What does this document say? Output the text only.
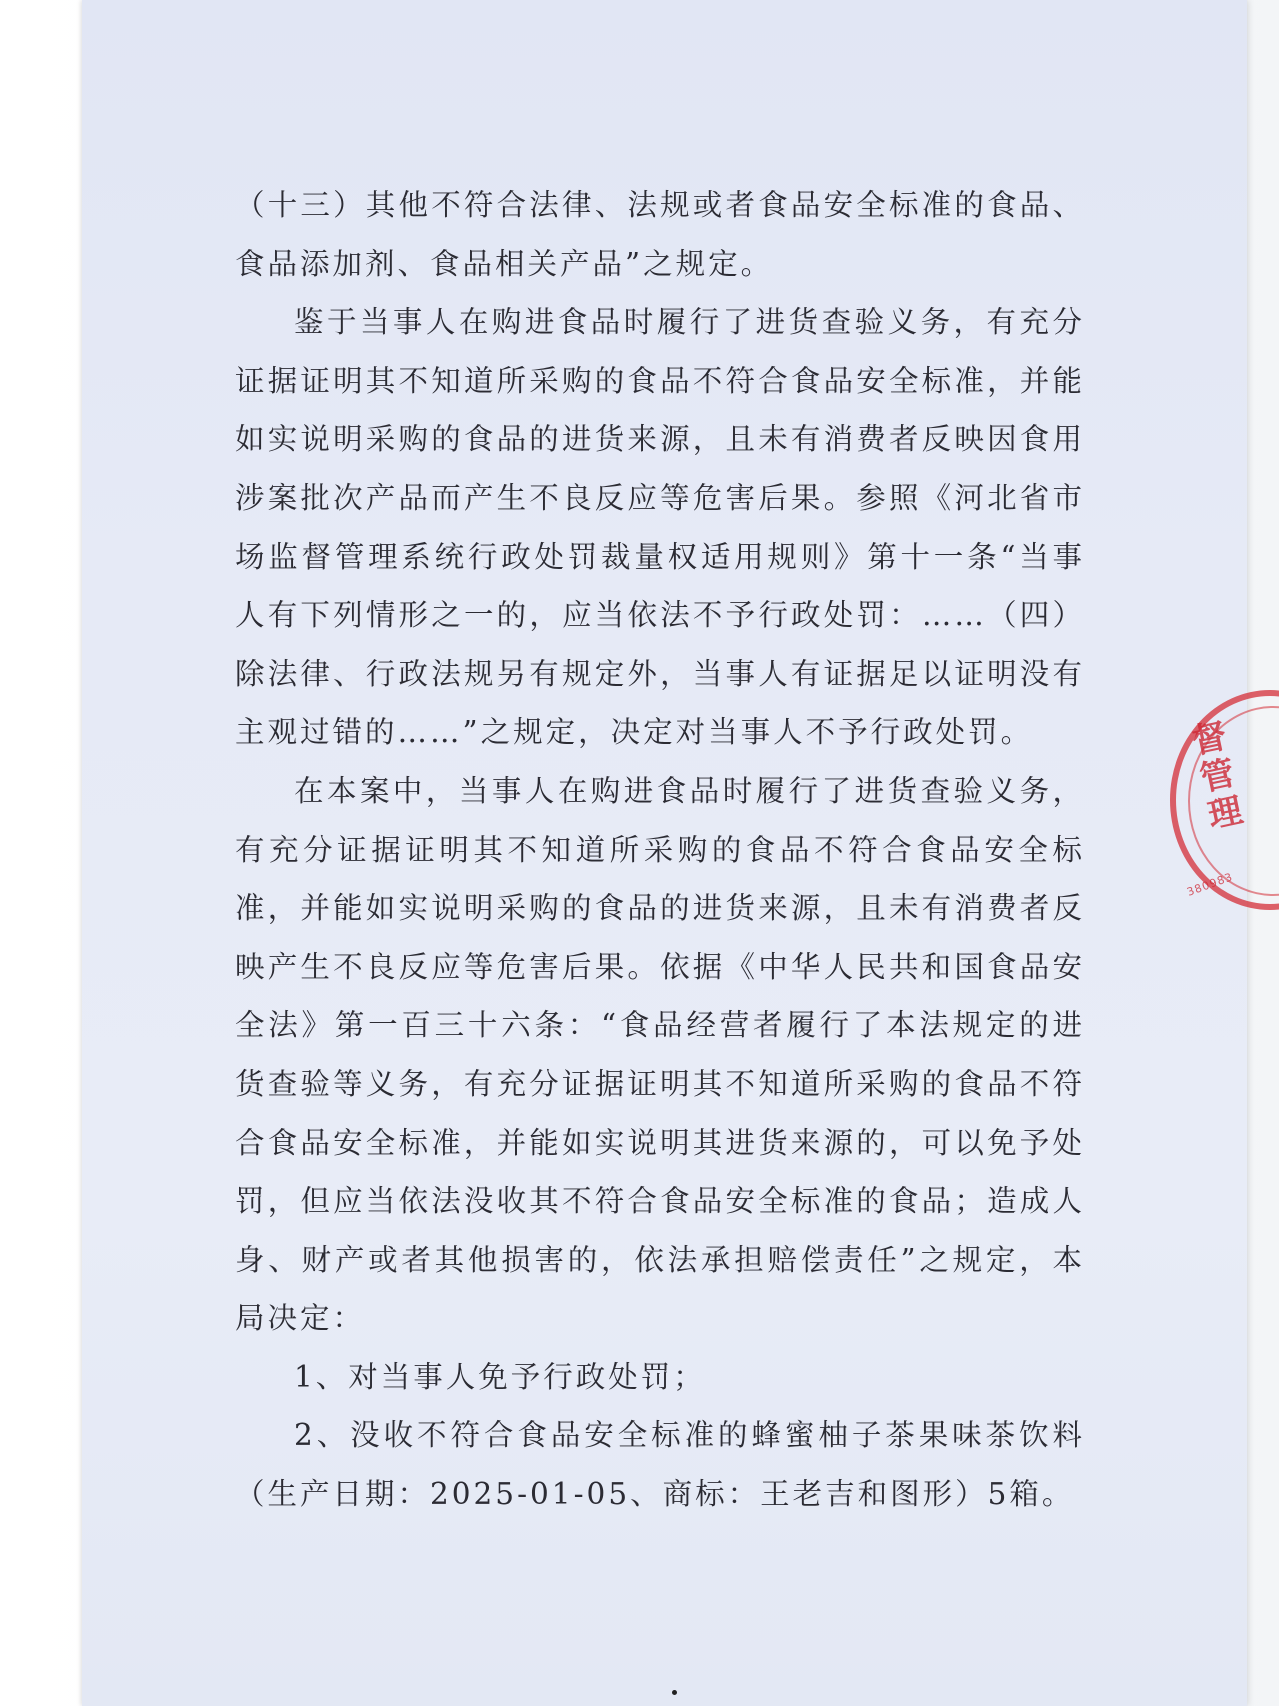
（十三）其他不符合法律、法规或者食品安全标准的食品、食品添加剂、食品相关产品”之规定。

鉴于当事人在购进食品时履行了进货查验义务，有充分证据证明其不知道所采购的食品不符合食品安全标准，并能如实说明采购的食品的进货来源，且未有消费者反映因食用涉案批次产品而产生不良反应等危害后果。参照《河北省市场监督管理系统行政处罚裁量权适用规则》第十一条“当事人有下列情形之一的，应当依法不予行政处罚：……（四）除法律、行政法规另有规定外，当事人有证据足以证明没有主观过错的……”之规定，决定对当事人不予行政处罚。

在本案中，当事人在购进食品时履行了进货查验义务，有充分证据证明其不知道所采购的食品不符合食品安全标准，并能如实说明采购的食品的进货来源，且未有消费者反映产生不良反应等危害后果。依据《中华人民共和国食品安全法》第一百三十六条：“食品经营者履行了本法规定的进货查验等义务，有充分证据证明其不知道所采购的食品不符合食品安全标准，并能如实说明其进货来源的，可以免予处罚，但应当依法没收其不符合食品安全标准的食品；造成人身、财产或者其他损害的，依法承担赔偿责任”之规定，本局决定：

1、对当事人免予行政处罚；

2、没收不符合食品安全标准的蜂蜜柚子茶果味茶饮料（生产日期：2025-01-05、商标：王老吉和图形）5箱。

督管理
380983
